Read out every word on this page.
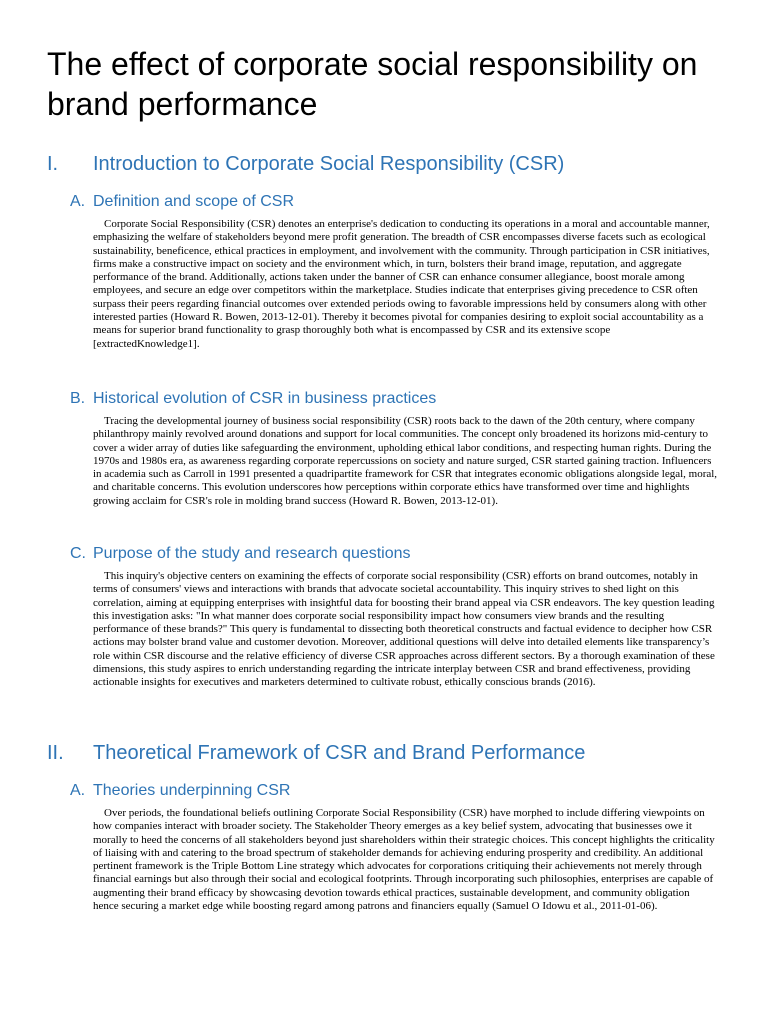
The effect of corporate social responsibility on brand performance
I. Introduction to Corporate Social Responsibility (CSR)
A. Definition and scope of CSR

Corporate Social Responsibility (CSR) denotes an enterprise's dedication to conducting its operations in a moral and accountable manner, emphasizing the welfare of stakeholders beyond mere profit generation. The breadth of CSR encompasses diverse facets such as ecological sustainability, beneficence, ethical practices in employment, and involvement with the community. Through participation in CSR initiatives, firms make a constructive impact on society and the environment which, in turn, bolsters their brand image, reputation, and aggregate performance of the brand. Additionally, actions taken under the banner of CSR can enhance consumer allegiance, boost morale among employees, and secure an edge over competitors within the marketplace. Studies indicate that enterprises giving precedence to CSR often surpass their peers regarding financial outcomes over extended periods owing to favorable impressions held by consumers along with other interested parties (Howard R. Bowen, 2013-12-01). Thereby it becomes pivotal for companies desiring to exploit social accountability as a means for superior brand functionality to grasp thoroughly both what is encompassed by CSR and its extensive scope [extractedKnowledge1].

B. Historical evolution of CSR in business practices

Tracing the developmental journey of business social responsibility (CSR) roots back to the dawn of the 20th century, where company philanthropy mainly revolved around donations and support for local communities. The concept only broadened its horizons mid-century to cover a wider array of duties like safeguarding the environment, upholding ethical labor conditions, and respecting human rights. During the 1970s and 1980s era, as awareness regarding corporate repercussions on society and nature surged, CSR started gaining traction. Influencers in academia such as Carroll in 1991 presented a quadripartite framework for CSR that integrates economic obligations alongside legal, moral, and charitable concerns. This evolution underscores how perceptions within corporate ethics have transformed over time and highlights growing acclaim for CSR's role in molding brand success (Howard R. Bowen, 2013-12-01).

C. Purpose of the study and research questions

This inquiry's objective centers on examining the effects of corporate social responsibility (CSR) efforts on brand outcomes, notably in terms of consumers' views and interactions with brands that advocate societal accountability. This inquiry strives to shed light on this correlation, aiming at equipping enterprises with insightful data for boosting their brand appeal via CSR endeavors. The key question leading this investigation asks: "In what manner does corporate social responsibility impact how consumers view brands and the resulting performance of these brands?" This query is fundamental to dissecting both theoretical constructs and factual evidence to decipher how CSR actions may bolster brand value and customer devotion. Moreover, additional questions will delve into detailed elements like transparency’s role within CSR discourse and the relative efficiency of diverse CSR approaches across different sectors. By a thorough examination of these dimensions, this study aspires to enrich understanding regarding the intricate interplay between CSR and brand effectiveness, providing actionable insights for executives and marketers determined to cultivate robust, ethically conscious brands (2016).

II. Theoretical Framework of CSR and Brand Performance
A. Theories underpinning CSR

Over periods, the foundational beliefs outlining Corporate Social Responsibility (CSR) have morphed to include differing viewpoints on how companies interact with broader society. The Stakeholder Theory emerges as a key belief system, advocating that businesses owe it morally to heed the concerns of all stakeholders beyond just shareholders within their strategic choices. This concept highlights the criticality of liaising with and catering to the broad spectrum of stakeholder demands for achieving enduring prosperity and credibility. An additional pertinent framework is the Triple Bottom Line strategy which advocates for corporations critiquing their achievements not merely through financial earnings but also through their social and ecological footprints. Through incorporating such philosophies, enterprises are capable of augmenting their brand efficacy by showcasing devotion towards ethical practices, sustainable development, and community obligation hence securing a market edge while boosting regard among patrons and financiers equally (Samuel O Idowu et al., 2011-01-06).
